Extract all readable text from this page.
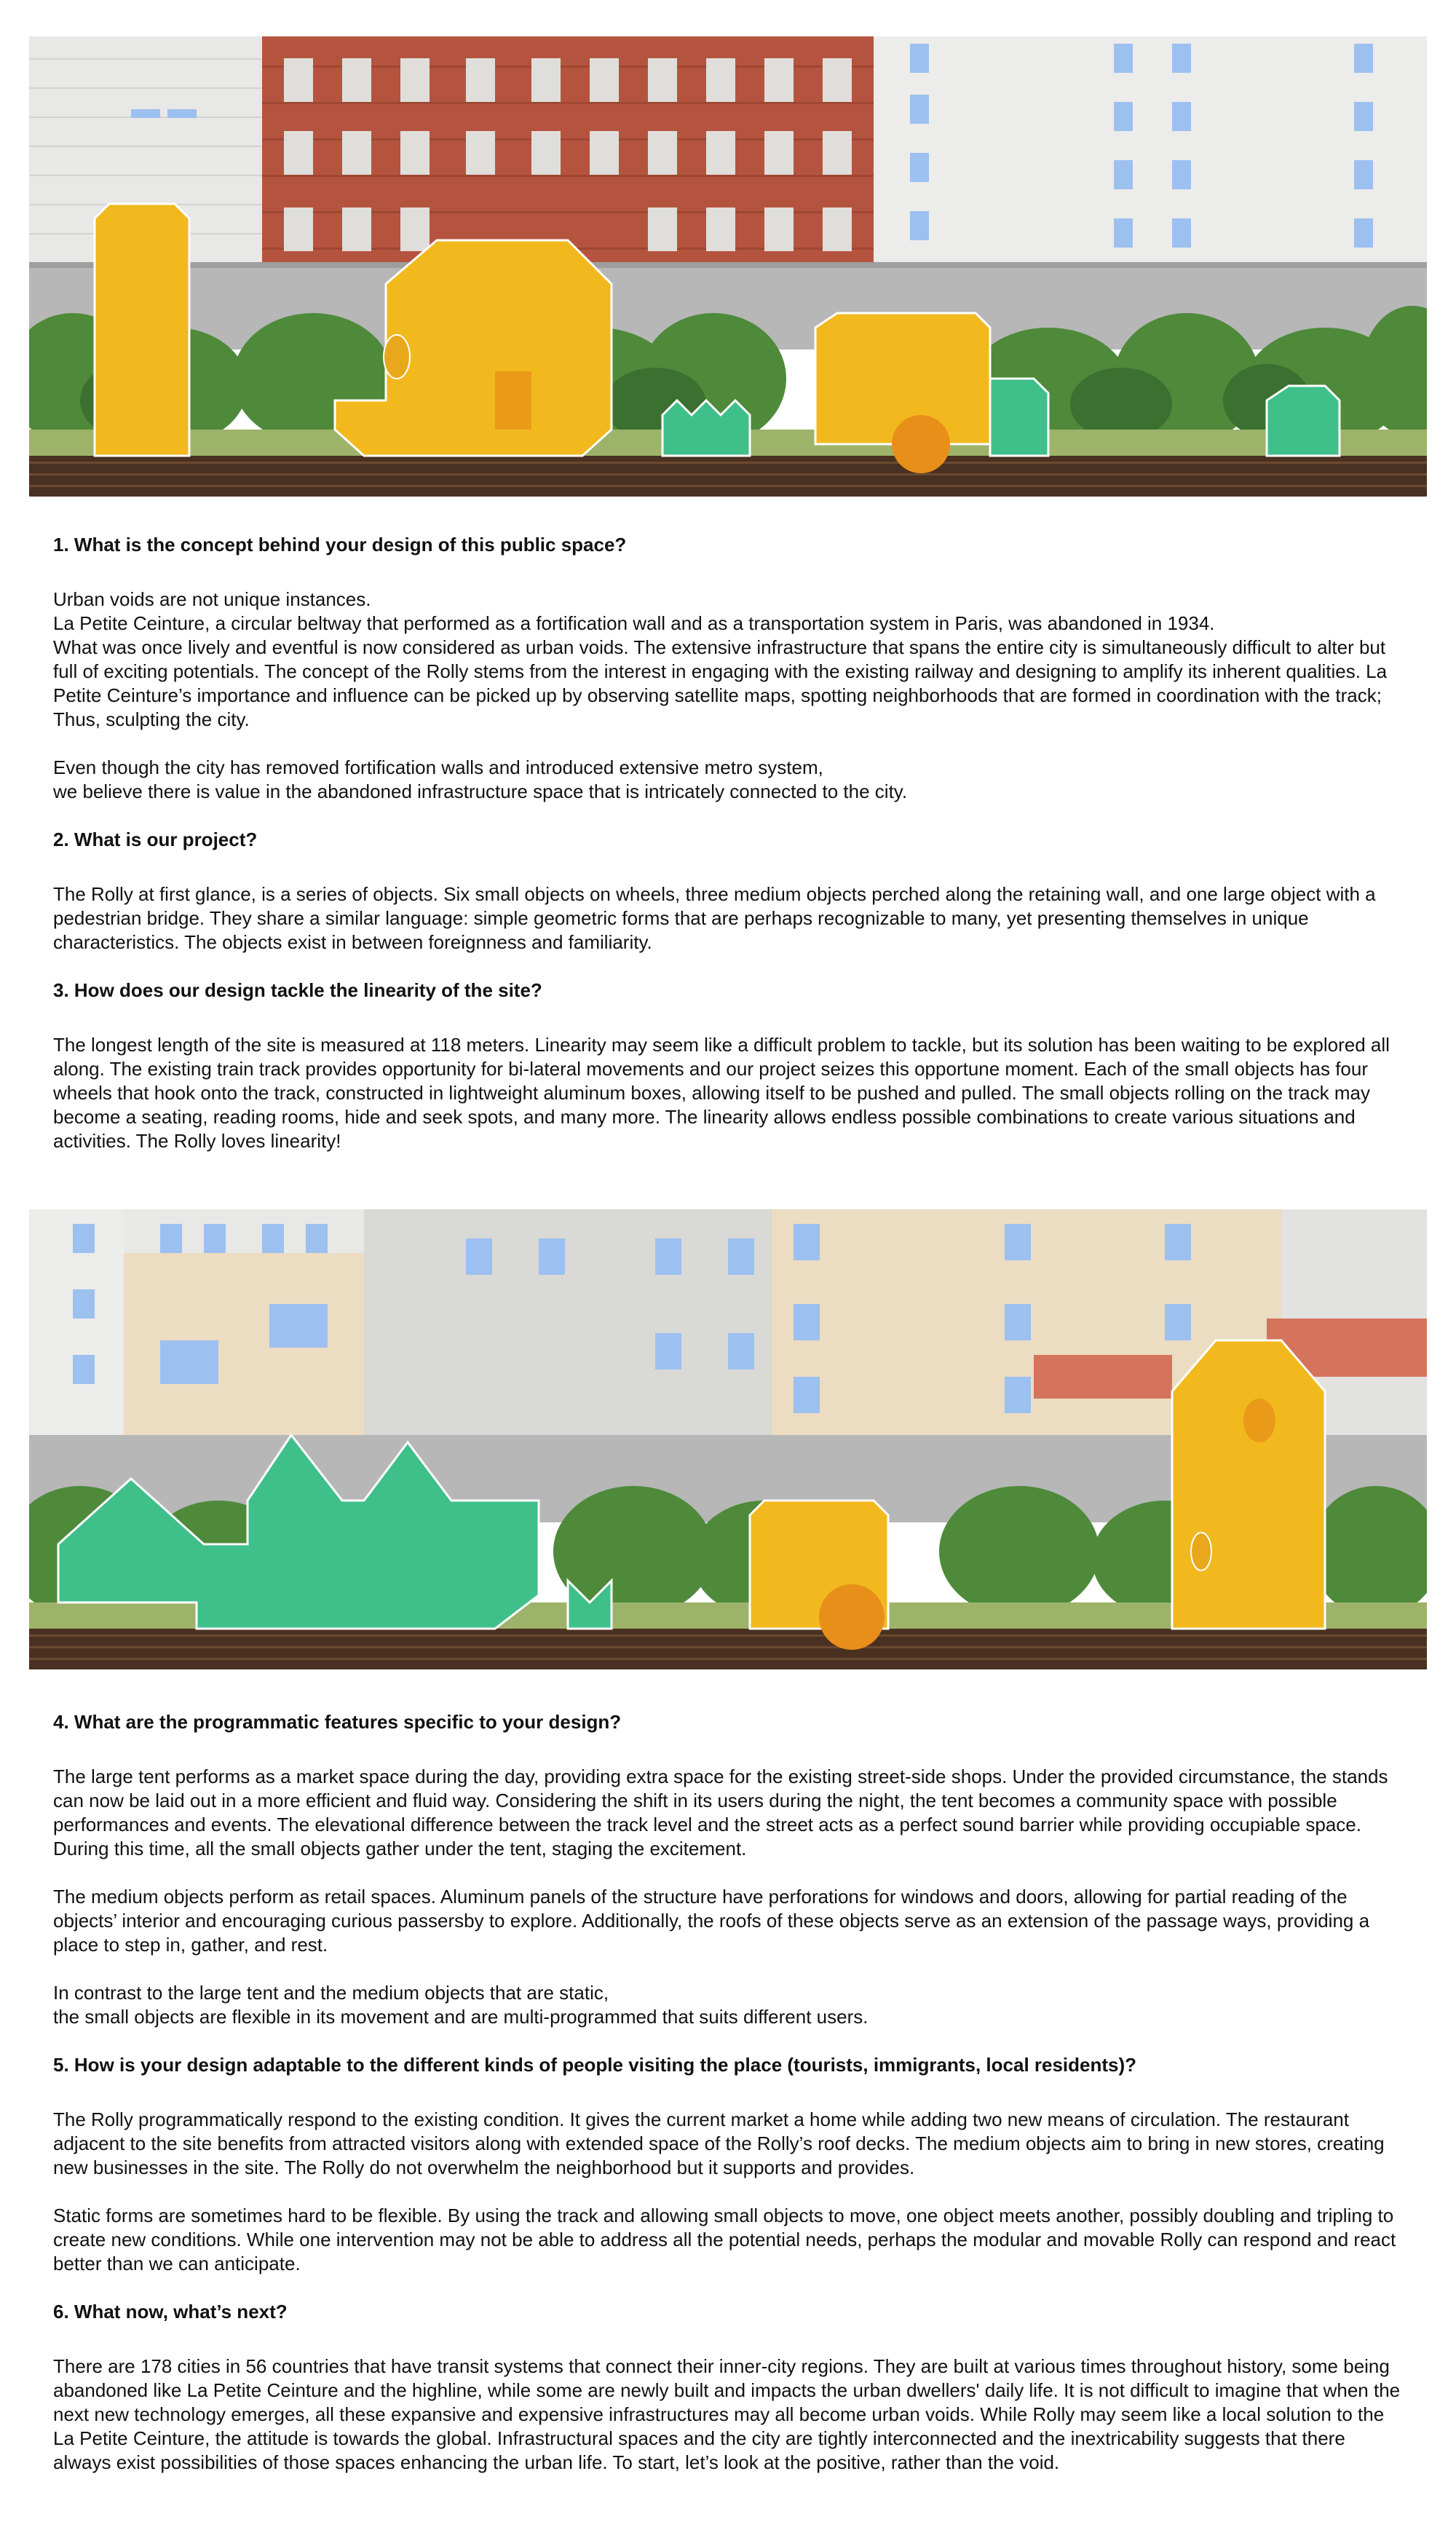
1. What is the concept behind your design of this public space?

Urban voids are not unique instances.
La Petite Ceinture, a circular beltway that performed as a fortification wall and as a transportation system in Paris, was abandoned in 1934.
What was once lively and eventful is now considered as urban voids. The extensive infrastructure that spans the entire city is simultaneously difficult to alter but full of exciting potentials. The concept of the Rolly stems from the interest in engaging with the existing railway and designing to amplify its inherent qualities. La Petite Ceinture’s importance and influence can be picked up by observing satellite maps, spotting neighborhoods that are formed in coordination with the track; Thus, sculpting the city.

Even though the city has removed fortification walls and introduced extensive metro system,
we believe there is value in the abandoned infrastructure space that is intricately connected to the city.

2. What is our project?

The Rolly at first glance, is a series of objects. Six small objects on wheels, three medium objects perched along the retaining wall, and one large object with a pedestrian bridge. They share a similar language: simple geometric forms that are perhaps recognizable to many, yet presenting themselves in unique characteristics. The objects exist in between foreignness and familiarity.

3. How does our design tackle the linearity of the site?

The longest length of the site is measured at 118 meters. Linearity may seem like a difficult problem to tackle, but its solution has been waiting to be explored all along. The existing train track provides opportunity for bi-lateral movements and our project seizes this opportune moment. Each of the small objects has four wheels that hook onto the track, constructed in lightweight aluminum boxes, allowing itself to be pushed and pulled. The small objects rolling on the track may become a seating, reading rooms, hide and seek spots, and many more. The linearity allows endless possible combinations to create various situations and activities. The Rolly loves linearity!

4. What are the programmatic features specific to your design?

The large tent performs as a market space during the day, providing extra space for the existing street-side shops. Under the provided circumstance, the stands can now be laid out in a more efficient and fluid way. Considering the shift in its users during the night, the tent becomes a community space with possible performances and events. The elevational difference between the track level and the street acts as a perfect sound barrier while providing occupiable space. During this time, all the small objects gather under the tent, staging the excitement.

The medium objects perform as retail spaces. Aluminum panels of the structure have perforations for windows and doors, allowing for partial reading of the objects’ interior and encouraging curious passersby to explore. Additionally, the roofs of these objects serve as an extension of the passage ways, providing a place to step in, gather, and rest.

In contrast to the large tent and the medium objects that are static,
the small objects are flexible in its movement and are multi-programmed that suits different users.

5. How is your design adaptable to the different kinds of people visiting the place (tourists, immigrants, local residents)?

The Rolly programmatically respond to the existing condition. It gives the current market a home while adding two new means of circulation. The restaurant adjacent to the site benefits from attracted visitors along with extended space of the Rolly’s roof decks. The medium objects aim to bring in new stores, creating new businesses in the site. The Rolly do not overwhelm the neighborhood but it supports and provides.

Static forms are sometimes hard to be flexible. By using the track and allowing small objects to move, one object meets another, possibly doubling and tripling to create new conditions. While one intervention may not be able to address all the potential needs, perhaps the modular and movable Rolly can respond and react better than we can anticipate.

6. What now, what’s next?

There are 178 cities in 56 countries that have transit systems that connect their inner-city regions. They are built at various times throughout history, some being abandoned like La Petite Ceinture and the highline, while some are newly built and impacts the urban dwellers' daily life. It is not difficult to imagine that when the next new technology emerges, all these expansive and expensive infrastructures may all become urban voids. While Rolly may seem like a local solution to the La Petite Ceinture, the attitude is towards the global. Infrastructural spaces and the city are tightly interconnected and the inextricability suggests that there always exist possibilities of those spaces enhancing the urban life. To start, let’s look at the positive, rather than the void.
